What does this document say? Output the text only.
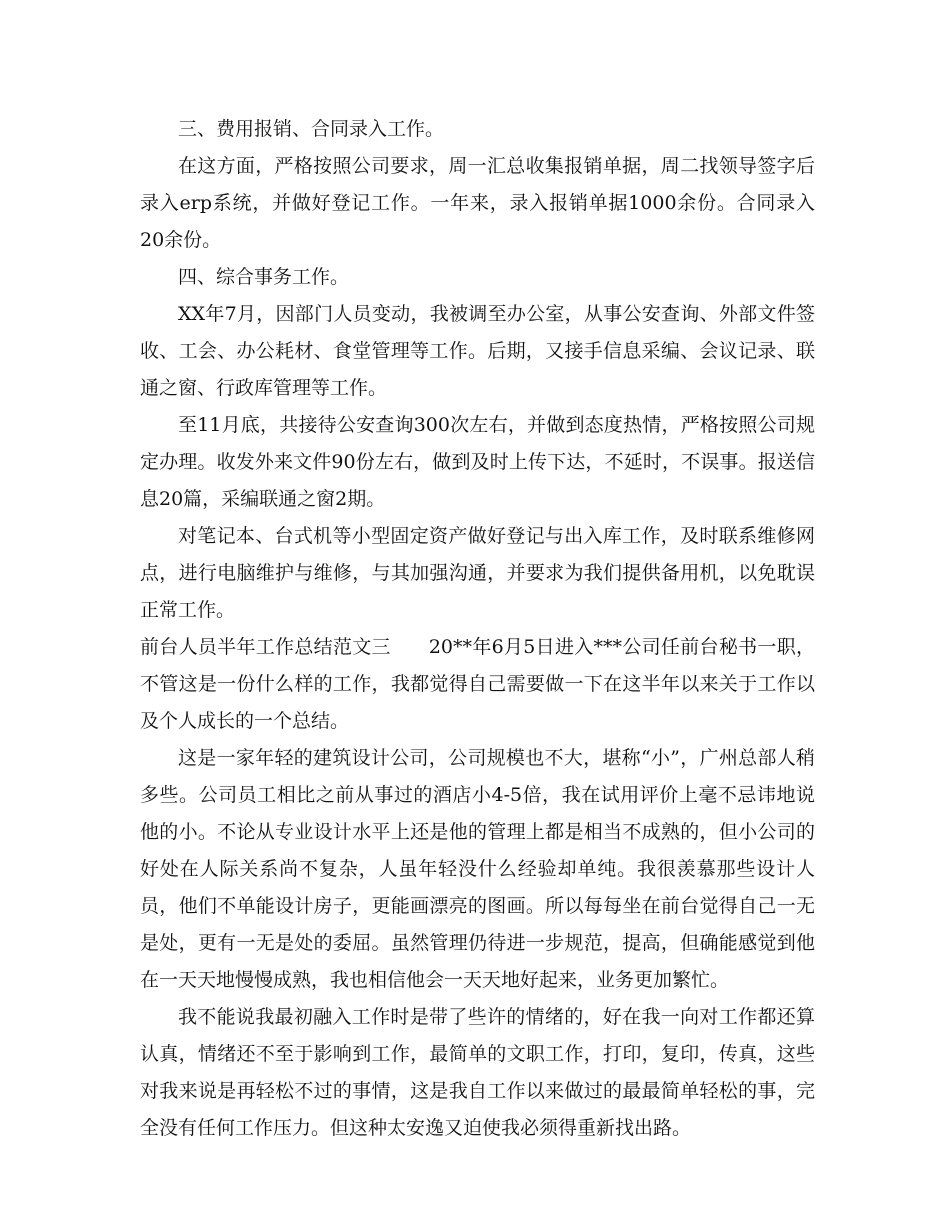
三、费用报销、合同录入工作。

在这方面，严格按照公司要求，周一汇总收集报销单据，周二找领导签字后录入erp系统，并做好登记工作。一年来，录入报销单据1000余份。合同录入20余份。

四、综合事务工作。

XX年7月，因部门人员变动，我被调至办公室，从事公安查询、外部文件签收、工会、办公耗材、食堂管理等工作。后期，又接手信息采编、会议记录、联通之窗、行政库管理等工作。

至11月底，共接待公安查询300次左右，并做到态度热情，严格按照公司规定办理。收发外来文件90份左右，做到及时上传下达，不延时，不误事。报送信息20篇，采编联通之窗2期。

对笔记本、台式机等小型固定资产做好登记与出入库工作，及时联系维修网点，进行电脑维护与维修，与其加强沟通，并要求为我们提供备用机，以免耽误正常工作。

前台人员半年工作总结范文三 20**年6月5日进入***公司任前台秘书一职，不管这是一份什么样的工作，我都觉得自己需要做一下在这半年以来关于工作以及个人成长的一个总结。

这是一家年轻的建筑设计公司，公司规模也不大，堪称“小”，广州总部人稍多些。公司员工相比之前从事过的酒店小4-5倍，我在试用评价上毫不忌讳地说他的小。不论从专业设计水平上还是他的管理上都是相当不成熟的，但小公司的好处在人际关系尚不复杂，人虽年轻没什么经验却单纯。我很羡慕那些设计人员，他们不单能设计房子，更能画漂亮的图画。所以每每坐在前台觉得自己一无是处，更有一无是处的委屈。虽然管理仍待进一步规范，提高，但确能感觉到他在一天天地慢慢成熟，我也相信他会一天天地好起来，业务更加繁忙。

我不能说我最初融入工作时是带了些许的情绪的，好在我一向对工作都还算认真，情绪还不至于影响到工作，最简单的文职工作，打印，复印，传真，这些对我来说是再轻松不过的事情，这是我自工作以来做过的最最简单轻松的事，完全没有任何工作压力。但这种太安逸又迫使我必须得重新找出路。
